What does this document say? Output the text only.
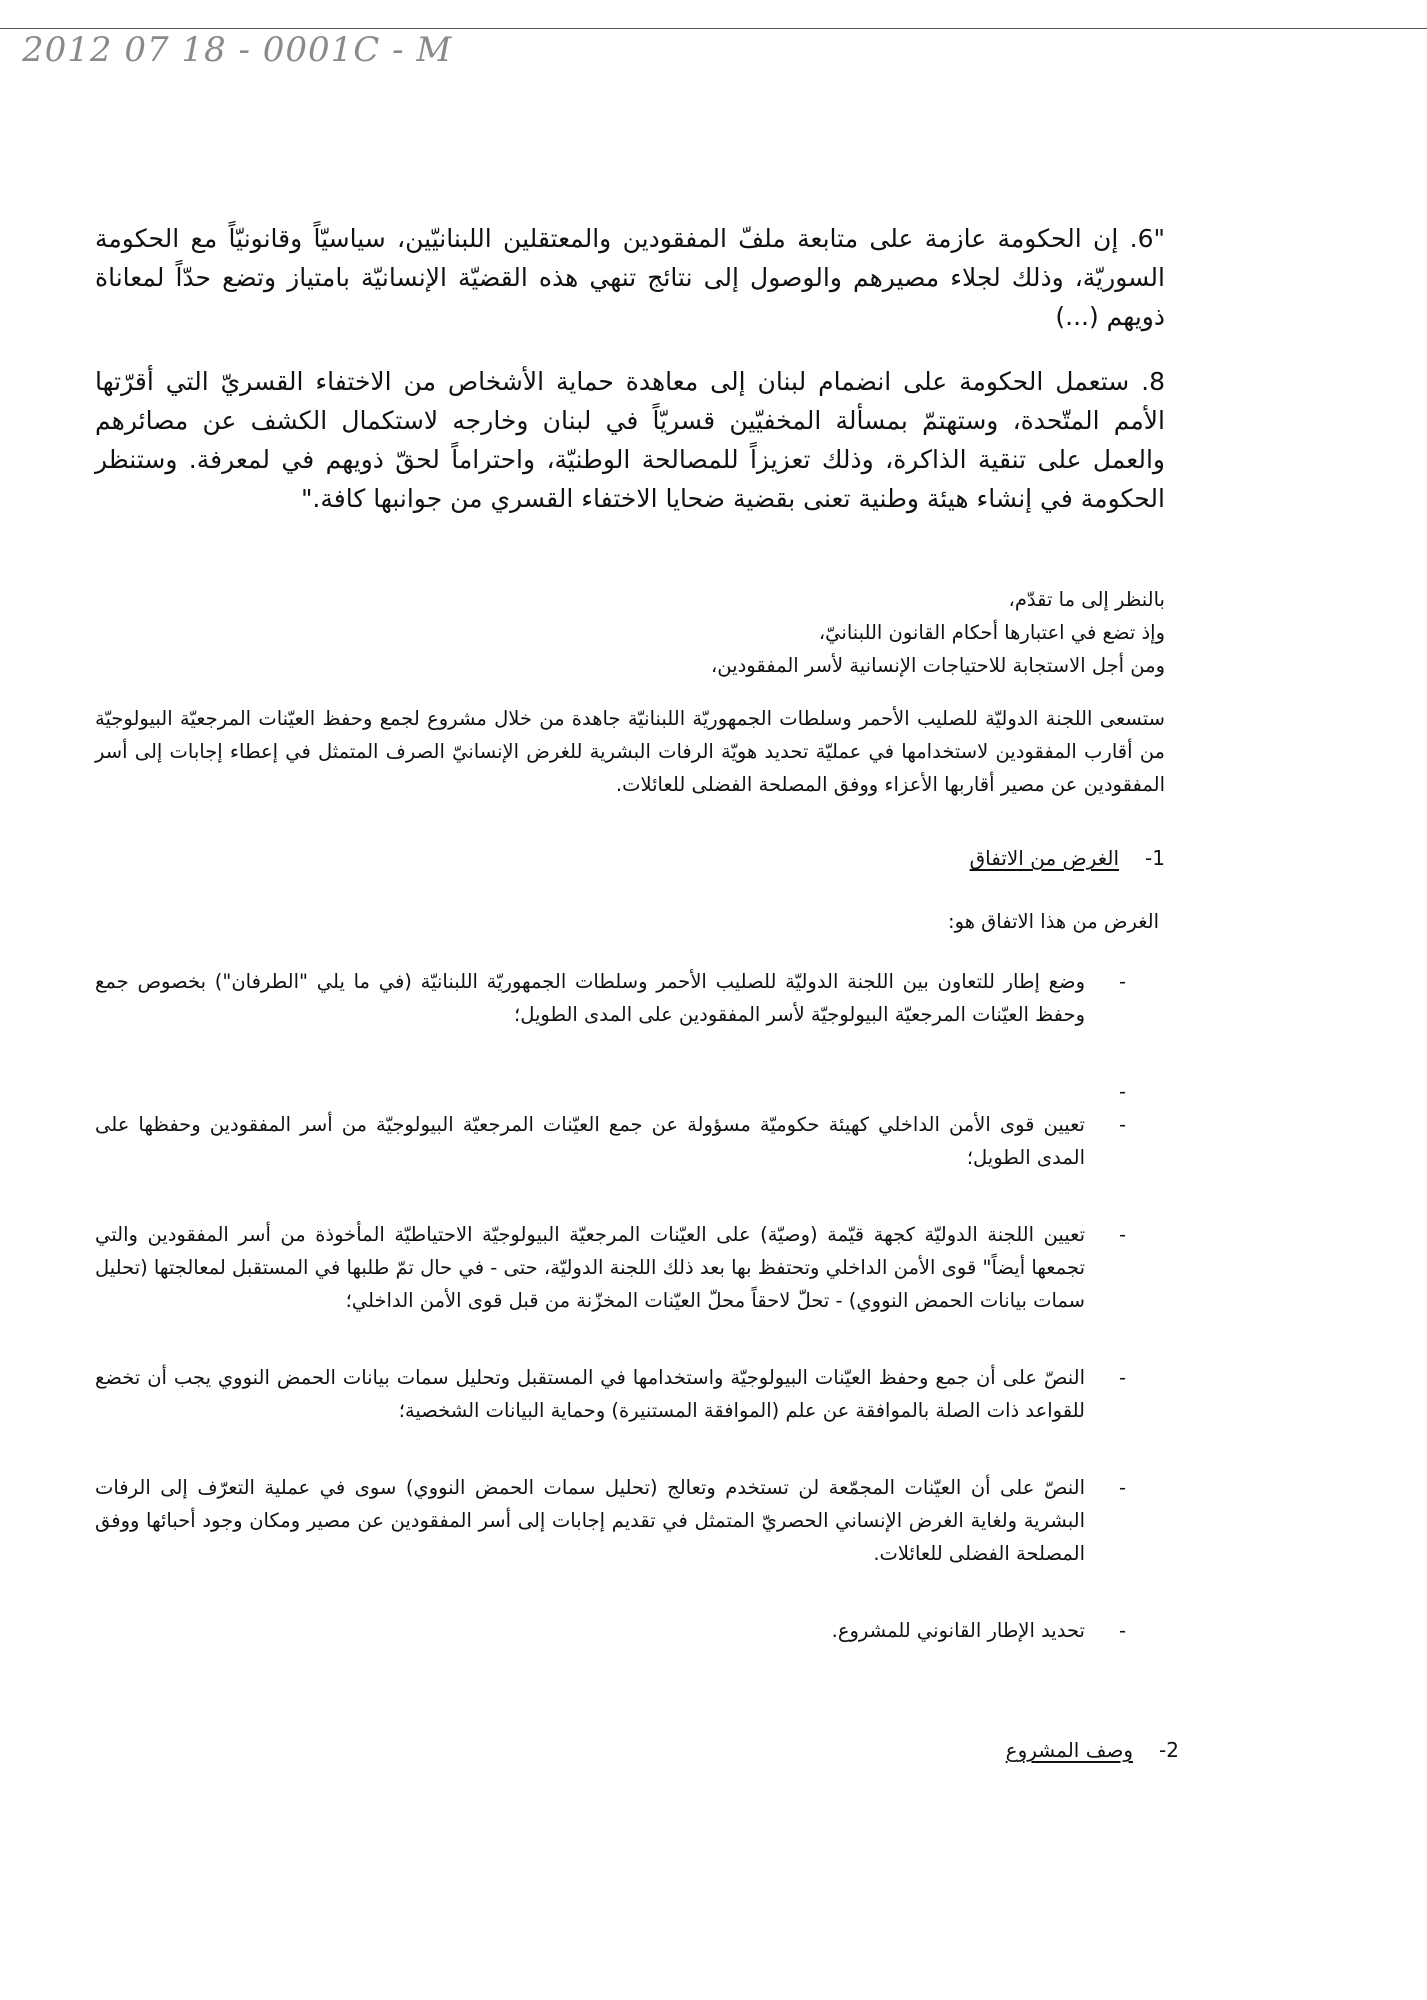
2012 07 18 - 0001C - M
"6. إن الحكومة عازمة على متابعة ملفّ المفقودين والمعتقلين اللبنانيّين، سياسيّاً وقانونيّاً مع الحكومة السوريّة، وذلك لجلاء مصيرهم والوصول إلى نتائج تنهي هذه القضيّة الإنسانيّة بامتياز وتضع حدّاً لمعاناة ذويهم (...)
8. ستعمل الحكومة على انضمام لبنان إلى معاهدة حماية الأشخاص من الاختفاء القسريّ التي أقرّتها الأمم المتّحدة، وستهتمّ بمسألة المخفيّين قسريّاً في لبنان وخارجه لاستكمال الكشف عن مصائرهم والعمل على تنقية الذاكرة، وذلك تعزيزاً للمصالحة الوطنيّة، واحتراماً لحقّ ذويهم في لمعرفة. وستنظر الحكومة في إنشاء هيئة وطنية تعنى بقضية ضحايا الاختفاء القسري من جوانبها كافة."
بالنظر إلى ما تقدّم،
وإذ تضع في اعتبارها أحكام القانون اللبنانيّ،
ومن أجل الاستجابة للاحتياجات الإنسانية لأسر المفقودين،
ستسعى اللجنة الدوليّة للصليب الأحمر وسلطات الجمهوريّة اللبنانيّة جاهدة من خلال مشروع لجمع وحفظ العيّنات المرجعيّة البيولوجيّة من أقارب المفقودين لاستخدامها في عمليّة تحديد هويّة الرفات البشرية للغرض الإنسانيّ الصرف المتمثل في إعطاء إجابات إلى أسر المفقودين عن مصير أقاربها الأعزاء ووفق المصلحة الفضلى للعائلات.
1-الغرض من الاتفاق
الغرض من هذا الاتفاق هو:
-
وضع إطار للتعاون بين اللجنة الدوليّة للصليب الأحمر وسلطات الجمهوريّة اللبنانيّة (في ما يلي "الطرفان") بخصوص جمع وحفظ العيّنات المرجعيّة البيولوجيّة لأسر المفقودين على المدى الطويل؛
-
-
تعيين قوى الأمن الداخلي كهيئة حكوميّة مسؤولة عن جمع العيّنات المرجعيّة البيولوجيّة من أسر المفقودين وحفظها على المدى الطويل؛
-
تعيين اللجنة الدوليّة كجهة قيّمة (وصيّة) على العيّنات المرجعيّة البيولوجيّة الاحتياطيّة المأخوذة من أسر المفقودين والتي تجمعها أيضاً" قوى الأمن الداخلي وتحتفظ بها بعد ذلك اللجنة الدوليّة، حتى - في حال تمّ طلبها في المستقبل لمعالجتها (تحليل سمات بيانات الحمض النووي) - تحلّ لاحقاً محلّ العيّنات المخزّنة من قبل قوى الأمن الداخلي؛
-
النصّ على أن جمع وحفظ العيّنات البيولوجيّة واستخدامها في المستقبل وتحليل سمات بيانات الحمض النووي يجب أن تخضع للقواعد ذات الصلة بالموافقة عن علم (الموافقة المستنيرة) وحماية البيانات الشخصية؛
-
النصّ على أن العيّنات المجمّعة لن تستخدم وتعالج (تحليل سمات الحمض النووي) سوى في عملية التعرّف إلى الرفات البشرية ولغاية الغرض الإنساني الحصريّ المتمثل في تقديم إجابات إلى أسر المفقودين عن مصير ومكان وجود أحبائها ووفق المصلحة الفضلى للعائلات.
-
تحديد الإطار القانوني للمشروع.
2-وصف المشروع
